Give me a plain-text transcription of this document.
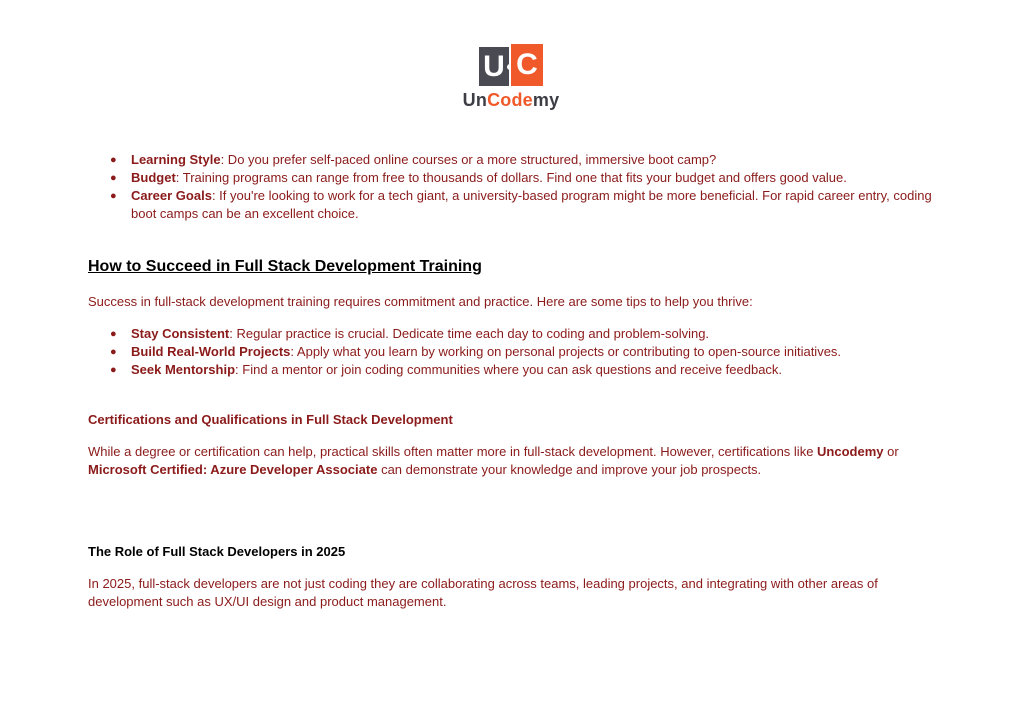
U C
UnCodemy
● Learning Style: Do you prefer self-paced online courses or a more structured, immersive boot camp?
● Budget: Training programs can range from free to thousands of dollars. Find one that fits your budget and offers good value.
● Career Goals: If you're looking to work for a tech giant, a university-based program might be more beneficial. For rapid career entry, coding boot camps can be an excellent choice.
How to Succeed in Full Stack Development Training

Success in full-stack development training requires commitment and practice. Here are some tips to help you thrive:

● Stay Consistent: Regular practice is crucial. Dedicate time each day to coding and problem-solving.
● Build Real-World Projects: Apply what you learn by working on personal projects or contributing to open-source initiatives.
● Seek Mentorship: Find a mentor or join coding communities where you can ask questions and receive feedback.
Certifications and Qualifications in Full Stack Development

While a degree or certification can help, practical skills often matter more in full-stack development. However, certifications like Uncodemy or Microsoft Certified: Azure Developer Associate can demonstrate your knowledge and improve your job prospects.

The Role of Full Stack Developers in 2025

In 2025, full-stack developers are not just coding they are collaborating across teams, leading projects, and integrating with other areas of development such as UX/UI design and product management.
